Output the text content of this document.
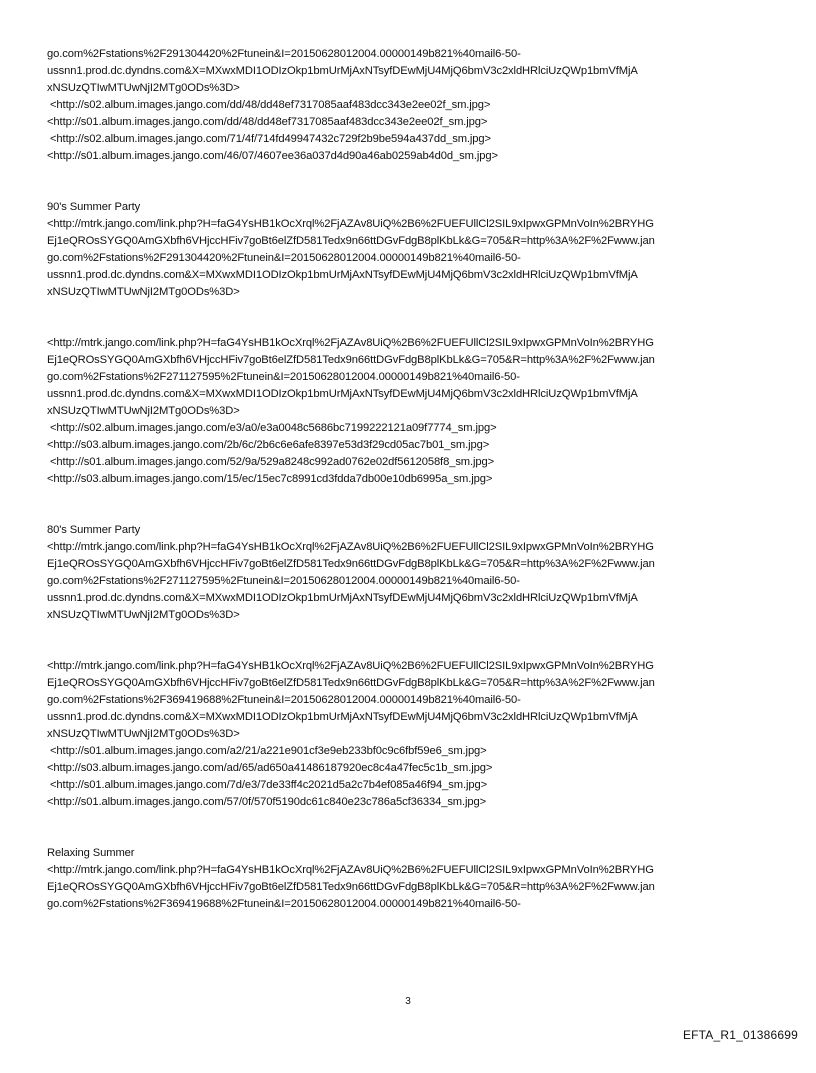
go.com%2Fstations%2F291304420%2Ftunein&I=20150628012004.00000149b821%40mail6-50-
ussnn1.prod.dc.dyndns.com&X=MXwxMDI1ODIzOkp1bmUrMjAxNTsyfDEwMjU4MjQ6bmV3c2xldHRlciUzQWp1bmVfMjA
xNSUzQTIwMTUwNjI2MTg0ODs%3D>
<http://s02.album.images.jango.com/dd/48/dd48ef7317085aaf483dcc343e2ee02f_sm.jpg>
<http://s01.album.images.jango.com/dd/48/dd48ef7317085aaf483dcc343e2ee02f_sm.jpg>
<http://s02.album.images.jango.com/71/4f/714fd49947432c729f2b9be594a437dd_sm.jpg>
<http://s01.album.images.jango.com/46/07/4607ee36a037d4d90a46ab0259ab4d0d_sm.jpg>
90's Summer Party
<http://mtrk.jango.com/link.php?H=faG4YsHB1kOcXrql%2FjAZAv8UiQ%2B6%2FUEFUllCl2SIL9xIpwxGPMnVoIn%2BRYHG
Ej1eQROsSYGQ0AmGXbfh6VHjccHFiv7goBt6elZfD581Tedx9n66ttDGvFdgB8plKbLk&G=705&R=http%3A%2F%2Fwww.jan
go.com%2Fstations%2F291304420%2Ftunein&I=20150628012004.00000149b821%40mail6-50-
ussnn1.prod.dc.dyndns.com&X=MXwxMDI1ODIzOkp1bmUrMjAxNTsyfDEwMjU4MjQ6bmV3c2xldHRlciUzQWp1bmVfMjA
xNSUzQTIwMTUwNjI2MTg0ODs%3D>
<http://mtrk.jango.com/link.php?H=faG4YsHB1kOcXrql%2FjAZAv8UiQ%2B6%2FUEFUllCl2SIL9xIpwxGPMnVoIn%2BRYHG
Ej1eQROsSYGQ0AmGXbfh6VHjccHFiv7goBt6elZfD581Tedx9n66ttDGvFdgB8plKbLk&G=705&R=http%3A%2F%2Fwww.jan
go.com%2Fstations%2F271127595%2Ftunein&I=20150628012004.00000149b821%40mail6-50-
ussnn1.prod.dc.dyndns.com&X=MXwxMDI1ODIzOkp1bmUrMjAxNTsyfDEwMjU4MjQ6bmV3c2xldHRlciUzQWp1bmVfMjA
xNSUzQTIwMTUwNjI2MTg0ODs%3D>
<http://s02.album.images.jango.com/e3/a0/e3a0048c5686bc7199222121a09f7774_sm.jpg>
<http://s03.album.images.jango.com/2b/6c/2b6c6e6afe8397e53d3f29cd05ac7b01_sm.jpg>
<http://s01.album.images.jango.com/52/9a/529a8248c992ad0762e02df5612058f8_sm.jpg>
<http://s03.album.images.jango.com/15/ec/15ec7c8991cd3fdda7db00e10db6995a_sm.jpg>
80's Summer Party
<http://mtrk.jango.com/link.php?H=faG4YsHB1kOcXrql%2FjAZAv8UiQ%2B6%2FUEFUllCl2SIL9xIpwxGPMnVoIn%2BRYHG
Ej1eQROsSYGQ0AmGXbfh6VHjccHFiv7goBt6elZfD581Tedx9n66ttDGvFdgB8plKbLk&G=705&R=http%3A%2F%2Fwww.jan
go.com%2Fstations%2F271127595%2Ftunein&I=20150628012004.00000149b821%40mail6-50-
ussnn1.prod.dc.dyndns.com&X=MXwxMDI1ODIzOkp1bmUrMjAxNTsyfDEwMjU4MjQ6bmV3c2xldHRlciUzQWp1bmVfMjA
xNSUzQTIwMTUwNjI2MTg0ODs%3D>
<http://mtrk.jango.com/link.php?H=faG4YsHB1kOcXrql%2FjAZAv8UiQ%2B6%2FUEFUllCl2SIL9xIpwxGPMnVoIn%2BRYHG
Ej1eQROsSYGQ0AmGXbfh6VHjccHFiv7goBt6elZfD581Tedx9n66ttDGvFdgB8plKbLk&G=705&R=http%3A%2F%2Fwww.jan
go.com%2Fstations%2F369419688%2Ftunein&I=20150628012004.00000149b821%40mail6-50-
ussnn1.prod.dc.dyndns.com&X=MXwxMDI1ODIzOkp1bmUrMjAxNTsyfDEwMjU4MjQ6bmV3c2xldHRlciUzQWp1bmVfMjA
xNSUzQTIwMTUwNjI2MTg0ODs%3D>
<http://s01.album.images.jango.com/a2/21/a221e901cf3e9eb233bf0c9c6fbf59e6_sm.jpg>
<http://s03.album.images.jango.com/ad/65/ad650a41486187920ec8c4a47fec5c1b_sm.jpg>
<http://s01.album.images.jango.com/7d/e3/7de33ff4c2021d5a2c7b4ef085a46f94_sm.jpg>
<http://s01.album.images.jango.com/57/0f/570f5190dc61c840e23c786a5cf36334_sm.jpg>
Relaxing Summer
<http://mtrk.jango.com/link.php?H=faG4YsHB1kOcXrql%2FjAZAv8UiQ%2B6%2FUEFUllCl2SIL9xIpwxGPMnVoIn%2BRYHG
Ej1eQROsSYGQ0AmGXbfh6VHjccHFiv7goBt6elZfD581Tedx9n66ttDGvFdgB8plKbLk&G=705&R=http%3A%2F%2Fwww.jan
go.com%2Fstations%2F369419688%2Ftunein&I=20150628012004.00000149b821%40mail6-50-
3
EFTA_R1_01386699
